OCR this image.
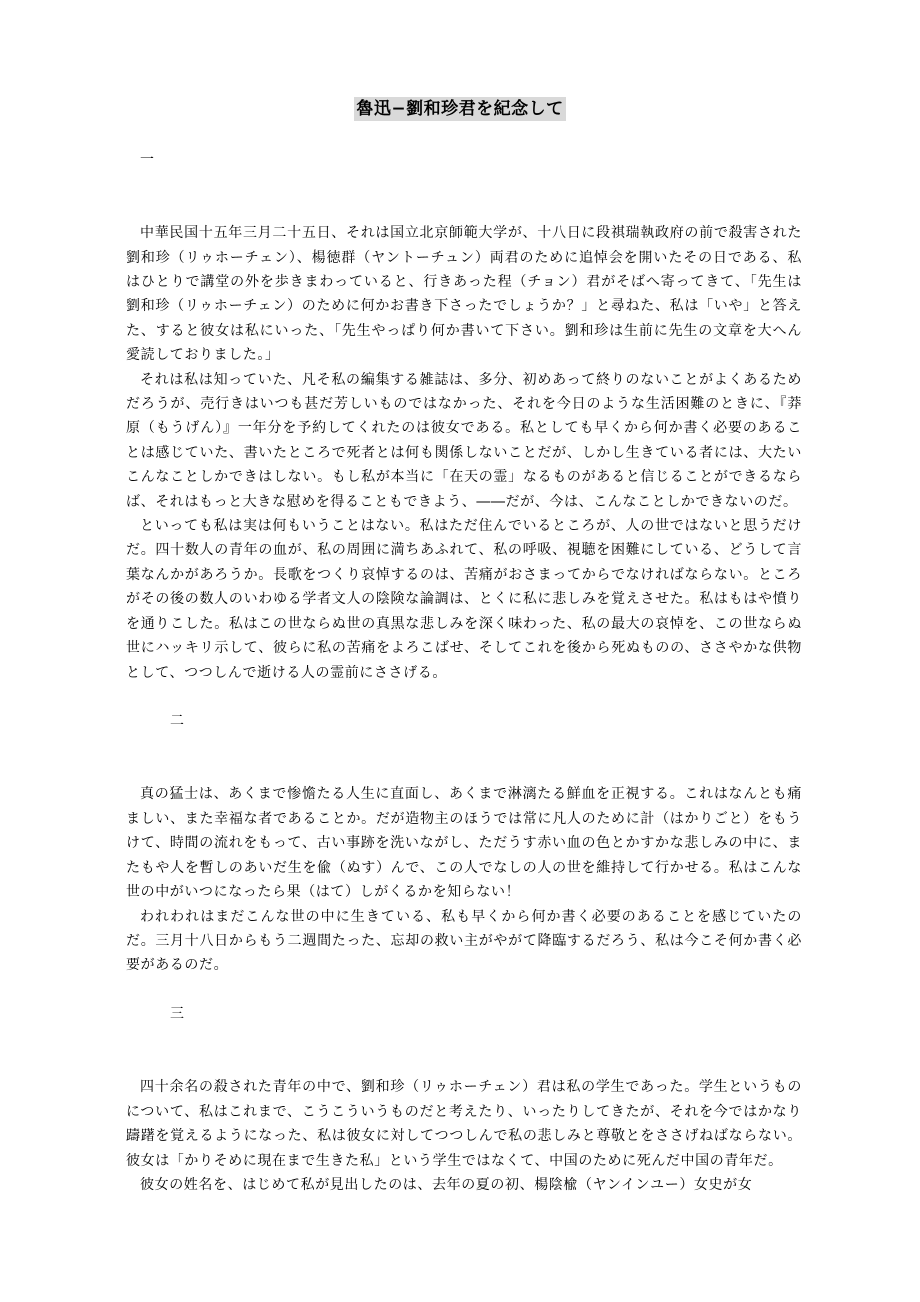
魯迅−劉和珍君を紀念して
一

中華民国十五年三月二十五日、それは国立北京師範大学が、十八日に段祺瑞執政府の前で殺害された劉和珍（リゥホーチェン）、楊徳群（ヤントーチュン）両君のために追悼会を開いたその日である、私はひとりで講堂の外を歩きまわっていると、行きあった程（チョン）君がそばへ寄ってきて、「先生は劉和珍（リゥホーチェン）のために何かお書き下さったでしょうか？」と尋ねた、私は「いや」と答えた、すると彼女は私にいった、「先生やっぱり何か書いて下さい。劉和珍は生前に先生の文章を大へん愛読しておりました。」

それは私は知っていた、凡そ私の編集する雑誌は、多分、初めあって終りのないことがよくあるためだろうが、売行きはいつも甚だ芳しいものではなかった、それを今日のような生活困難のときに、『莽原（もうげん）』一年分を予約してくれたのは彼女である。私としても早くから何か書く必要のあることは感じていた、書いたところで死者とは何も関係しないことだが、しかし生きている者には、大たいこんなことしかできはしない。もし私が本当に「在天の霊」なるものがあると信じることができるならば、それはもっと大きな慰めを得ることもできよう、――だが、今は、こんなことしかできないのだ。

といっても私は実は何もいうことはない。私はただ住んでいるところが、人の世ではないと思うだけだ。四十数人の青年の血が、私の周囲に満ちあふれて、私の呼吸、視聴を困難にしている、どうして言葉なんかがあろうか。長歌をつくり哀悼するのは、苦痛がおさまってからでなければならない。ところがその後の数人のいわゆる学者文人の陰険な論調は、とくに私に悲しみを覚えさせた。私はもはや憤りを通りこした。私はこの世ならぬ世の真黒な悲しみを深く味わった、私の最大の哀悼を、この世ならぬ世にハッキリ示して、彼らに私の苦痛をよろこばせ、そしてこれを後から死ぬものの、ささやかな供物として、つつしんで逝ける人の霊前にささげる。

二

真の猛士は、あくまで惨憺たる人生に直面し、あくまで淋漓たる鮮血を正視する。これはなんとも痛ましい、また幸福な者であることか。だが造物主のほうでは常に凡人のために計（はかりごと）をもうけて、時間の流れをもって、古い事跡を洗いながし、ただうす赤い血の色とかすかな悲しみの中に、またもや人を暫しのあいだ生を偸（ぬす）んで、この人でなしの人の世を維持して行かせる。私はこんな世の中がいつになったら果（はて）しがくるかを知らない！

われわれはまだこんな世の中に生きている、私も早くから何か書く必要のあることを感じていたのだ。三月十八日からもう二週間たった、忘却の救い主がやがて降臨するだろう、私は今こそ何か書く必要があるのだ。

三

四十余名の殺された青年の中で、劉和珍（リゥホーチェン）君は私の学生であった。学生というものについて、私はこれまで、こうこういうものだと考えたり、いったりしてきたが、それを今ではかなり躊躇を覚えるようになった、私は彼女に対してつつしんで私の悲しみと尊敬とをささげねばならない。彼女は「かりそめに現在まで生きた私」という学生ではなくて、中国のために死んだ中国の青年だ。

彼女の姓名を、はじめて私が見出したのは、去年の夏の初、楊陰楡（ヤンインユー）女史が女
